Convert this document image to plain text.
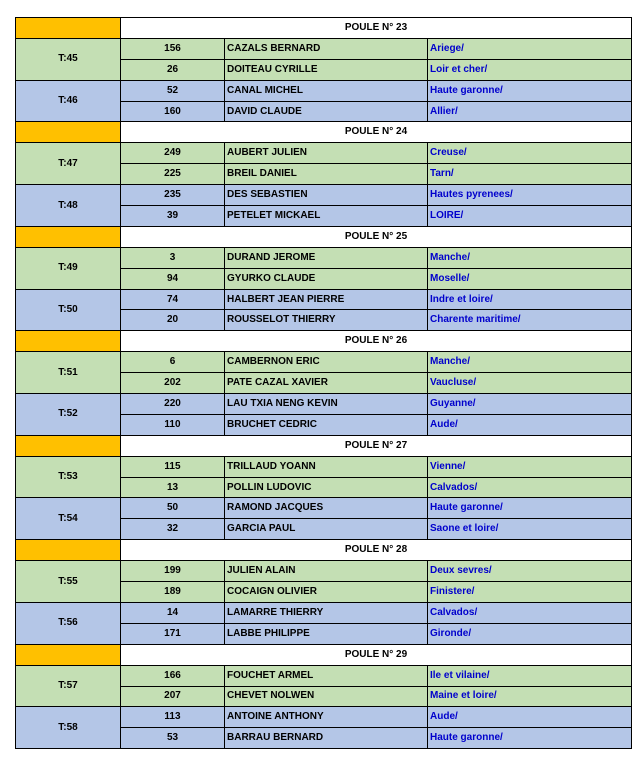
	POULE N° 23		
T:45	156	CAZALS BERNARD	Ariege/
	26	DOITEAU CYRILLE	Loir et cher/
T:46	52	CANAL MICHEL	Haute garonne/
	160	DAVID CLAUDE	Allier/
	POULE N° 24		
T:47	249	AUBERT JULIEN	Creuse/
	225	BREIL DANIEL	Tarn/
T:48	235	DES SEBASTIEN	Hautes pyrenees/
	39	PETELET MICKAEL	LOIRE/
	POULE N° 25		
T:49	3	DURAND JEROME	Manche/
	94	GYURKO CLAUDE	Moselle/
T:50	74	HALBERT JEAN PIERRE	Indre et loire/
	20	ROUSSELOT THIERRY	Charente maritime/
	POULE N° 26		
T:51	6	CAMBERNON ERIC	Manche/
	202	PATE CAZAL XAVIER	Vaucluse/
T:52	220	LAU TXIA NENG KEVIN	Guyanne/
	110	BRUCHET CEDRIC	Aude/
	POULE N° 27		
T:53	115	TRILLAUD YOANN	Vienne/
	13	POLLIN LUDOVIC	Calvados/
T:54	50	RAMOND JACQUES	Haute garonne/
	32	GARCIA PAUL	Saone et loire/
	POULE N° 28		
T:55	199	JULIEN ALAIN	Deux sevres/
	189	COCAIGN OLIVIER	Finistere/
T:56	14	LAMARRE THIERRY	Calvados/
	171	LABBE PHILIPPE	Gironde/
	POULE N° 29		
T:57	166	FOUCHET ARMEL	Ile et vilaine/
	207	CHEVET NOLWEN	Maine et loire/
T:58	113	ANTOINE ANTHONY	Aude/
	53	BARRAU BERNARD	Haute garonne/
